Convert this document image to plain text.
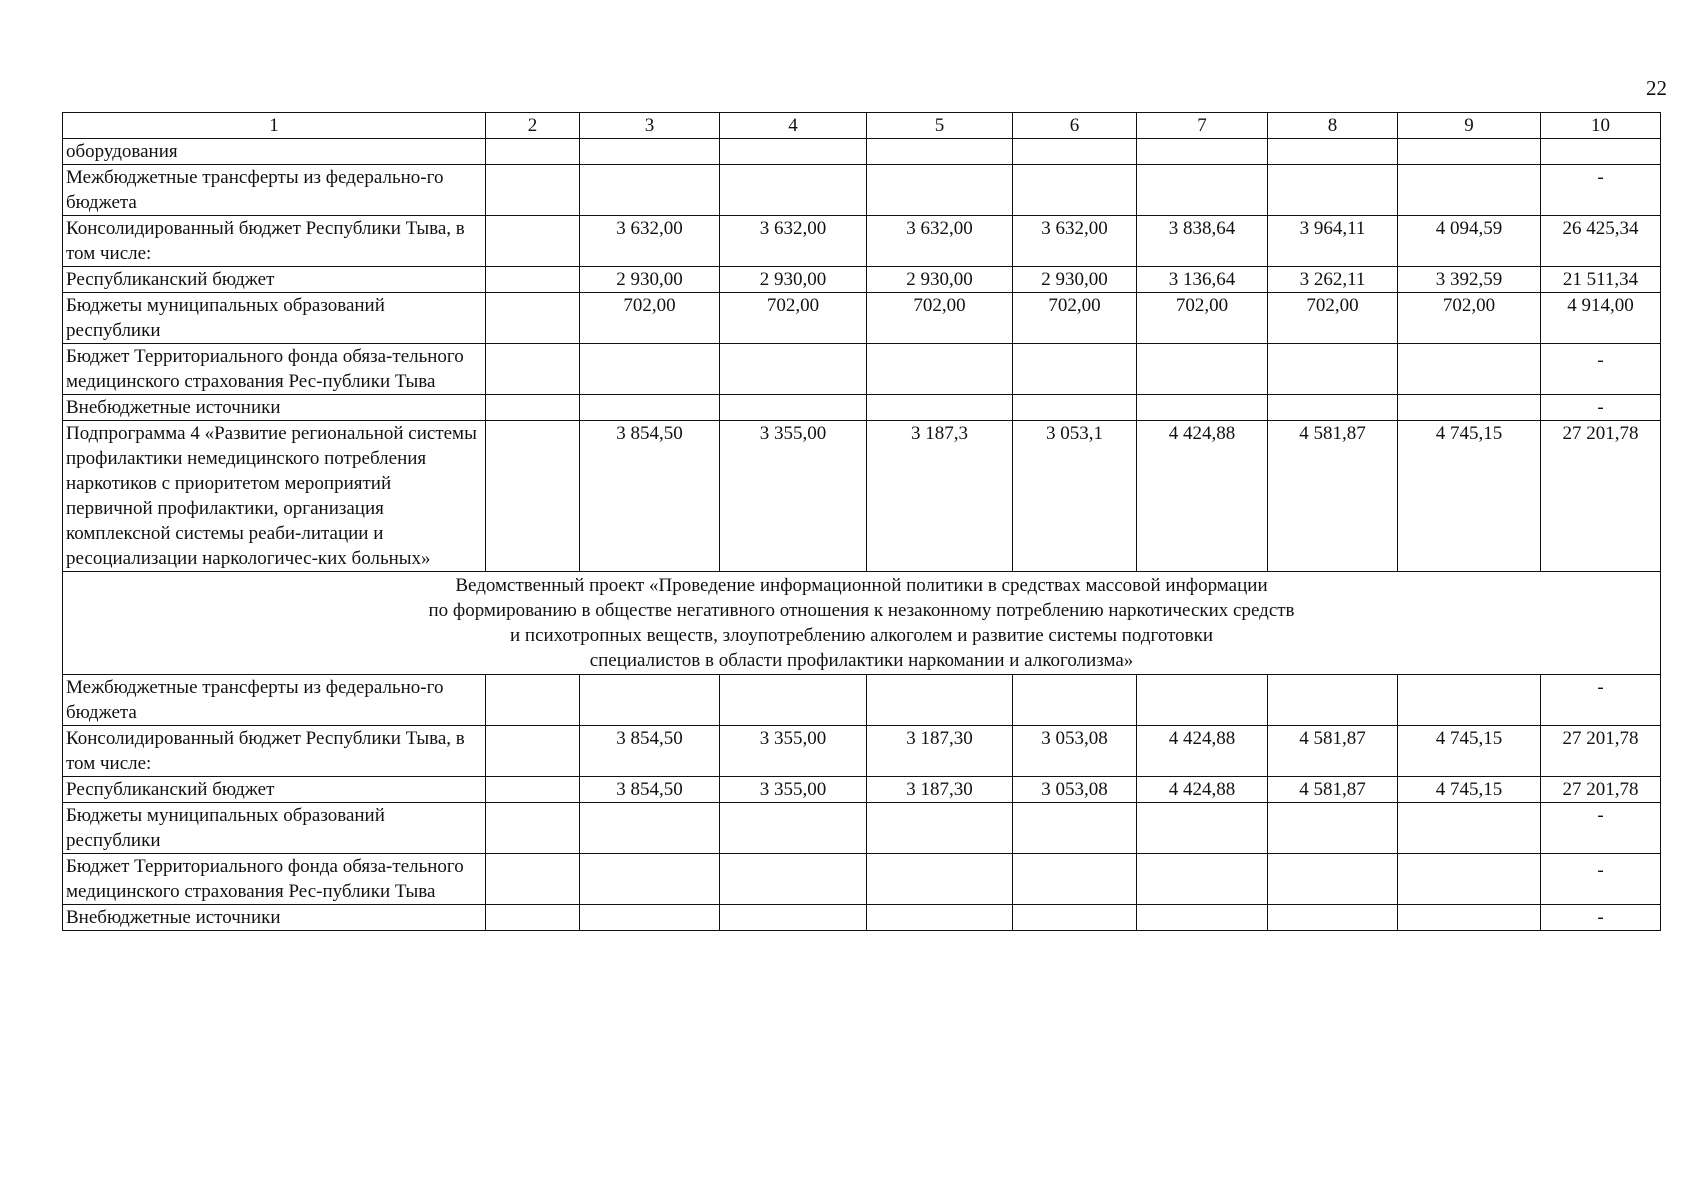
22
1	2	3	4	5	6	7	8	9	10
оборудования									
Межбюджетные трансферты из федерально-го бюджета									-
Консолидированный бюджет Республики Тыва, в том числе:		3 632,00	3 632,00	3 632,00	3 632,00	3 838,64	3 964,11	4 094,59	26 425,34
Республиканский бюджет		2 930,00	2 930,00	2 930,00	2 930,00	3 136,64	3 262,11	3 392,59	21 511,34
Бюджеты муниципальных образований республики		702,00	702,00	702,00	702,00	702,00	702,00	702,00	4 914,00
Бюджет Территориального фонда обяза-тельного медицинского страхования Рес-публики Тыва									-
Внебюджетные источники									-
Подпрограмма 4 «Развитие региональной системы профилактики немедицинского потребления наркотиков с приоритетом мероприятий первичной профилактики, организация комплексной системы реаби-литации и ресоциализации наркологичес-ких больных»		3 854,50	3 355,00	3 187,3	3 053,1	4 424,88	4 581,87	4 745,15	27 201,78

Ведомственный проект «Проведение информационной политики в средствах массовой информации
по формированию в обществе негативного отношения к незаконному потреблению наркотических средств
и психотропных веществ, злоупотреблению алкоголем и развитие системы подготовки
специалистов в области профилактики наркомании и алкоголизма»									

Межбюджетные трансферты из федерально-го бюджета									-
Консолидированный бюджет Республики Тыва, в том числе:		3 854,50	3 355,00	3 187,30	3 053,08	4 424,88	4 581,87	4 745,15	27 201,78
Республиканский бюджет		3 854,50	3 355,00	3 187,30	3 053,08	4 424,88	4 581,87	4 745,15	27 201,78
Бюджеты муниципальных образований республики									-
Бюджет Территориального фонда обяза-тельного медицинского страхования Рес-публики Тыва									-
Внебюджетные источники									-
